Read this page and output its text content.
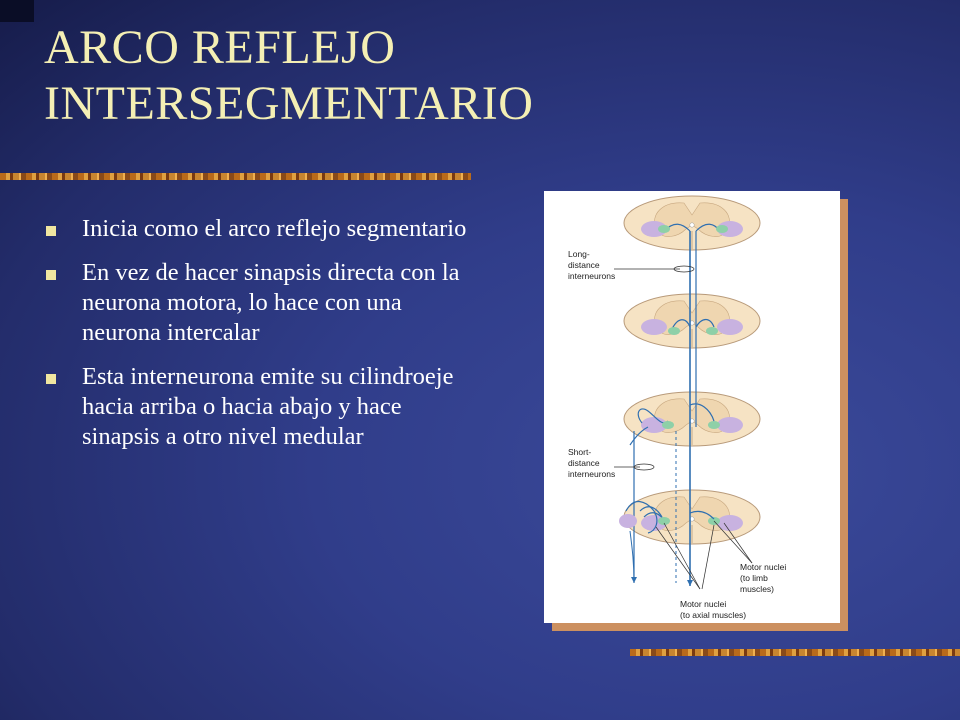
ARCO REFLEJO
INTERSEGMENTARIO
Inicia como el arco reflejo segmentario
En vez de hacer sinapsis directa con la neurona motora, lo hace con una neurona intercalar
Esta interneurona emite su cilindroeje hacia arriba o hacia abajo y hace sinapsis a otro nivel medular
Long-
distance
interneurons
Short-
distance
interneurons
Motor nuclei
(to limb
muscles)
Motor nuclei
(to axial muscles)
